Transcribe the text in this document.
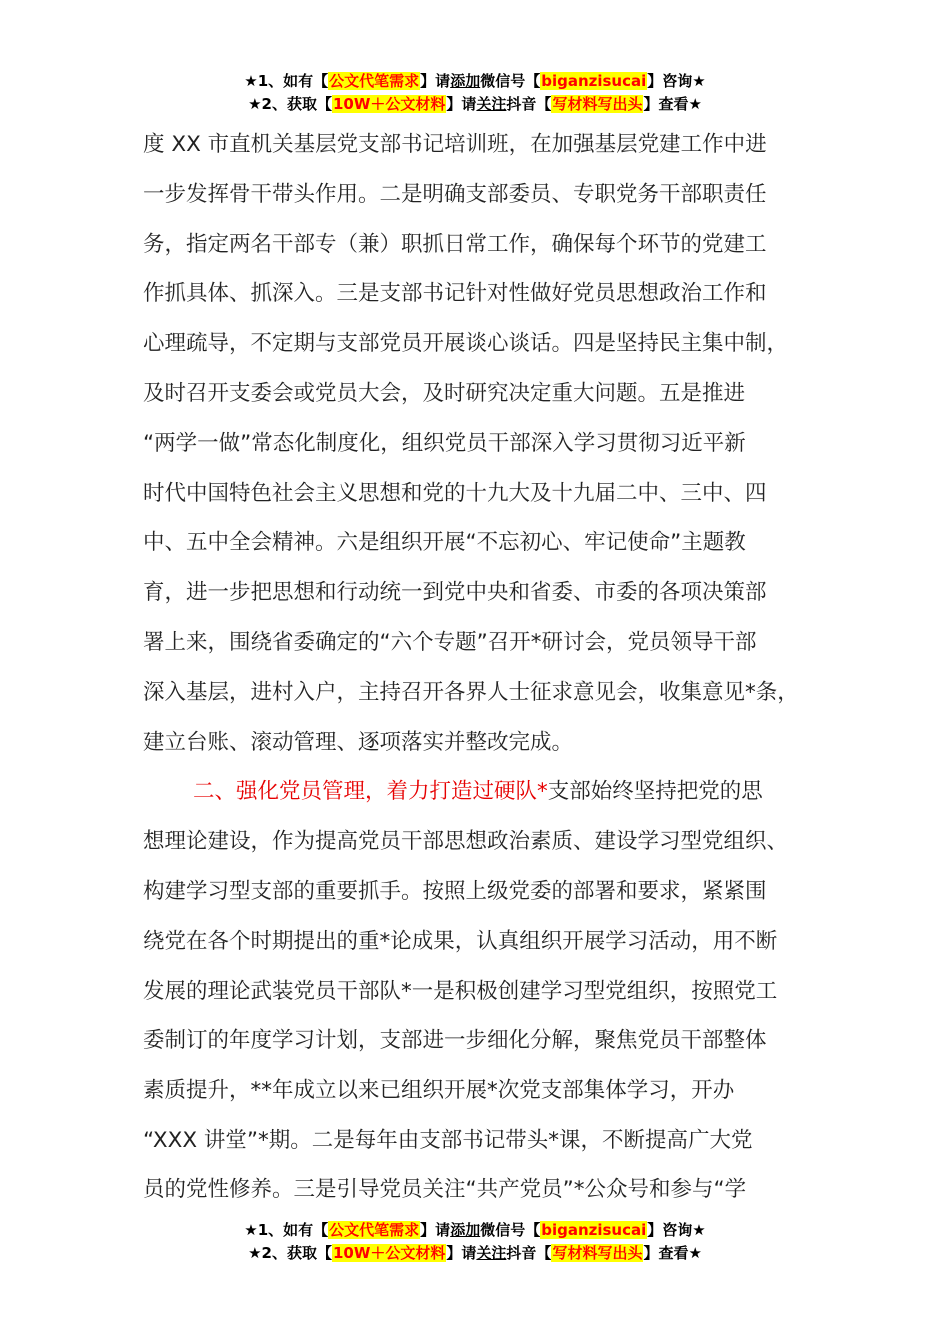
★1、如有【公文代笔需求】请添加微信号【biganzisucai】咨询★
★2、获取【10W＋公文材料】请关注抖音【写材料写出头】查看★
度 XX 市直机关基层党支部书记培训班，在加强基层党建工作中进
一步发挥骨干带头作用。二是明确支部委员、专职党务干部职责任
务，指定两名干部专（兼）职抓日常工作，确保每个环节的党建工
作抓具体、抓深入。三是支部书记针对性做好党员思想政治工作和
心理疏导，不定期与支部党员开展谈心谈话。四是坚持民主集中制，
及时召开支委会或党员大会，及时研究决定重大问题。五是推进
“两学一做”常态化制度化，组织党员干部深入学习贯彻习近平新
时代中国特色社会主义思想和党的十九大及十九届二中、三中、四
中、五中全会精神。六是组织开展“不忘初心、牢记使命”主题教
育，进一步把思想和行动统一到党中央和省委、市委的各项决策部
署上来，围绕省委确定的“六个专题”召开*研讨会，党员领导干部
深入基层，进村入户，主持召开各界人士征求意见会，收集意见*条，
建立台账、滚动管理、逐项落实并整改完成。
二、强化党员管理，着力打造过硬队*支部始终坚持把党的思
想理论建设，作为提高党员干部思想政治素质、建设学习型党组织、
构建学习型支部的重要抓手。按照上级党委的部署和要求，紧紧围
绕党在各个时期提出的重*论成果，认真组织开展学习活动，用不断
发展的理论武装党员干部队*一是积极创建学习型党组织，按照党工
委制订的年度学习计划，支部进一步细化分解，聚焦党员干部整体
素质提升，**年成立以来已组织开展*次党支部集体学习，开办
“XXX 讲堂”*期。二是每年由支部书记带头*课，不断提高广大党
员的党性修养。三是引导党员关注“共产党员”*公众号和参与“学
★1、如有【公文代笔需求】请添加微信号【biganzisucai】咨询★
★2、获取【10W＋公文材料】请关注抖音【写材料写出头】查看★
